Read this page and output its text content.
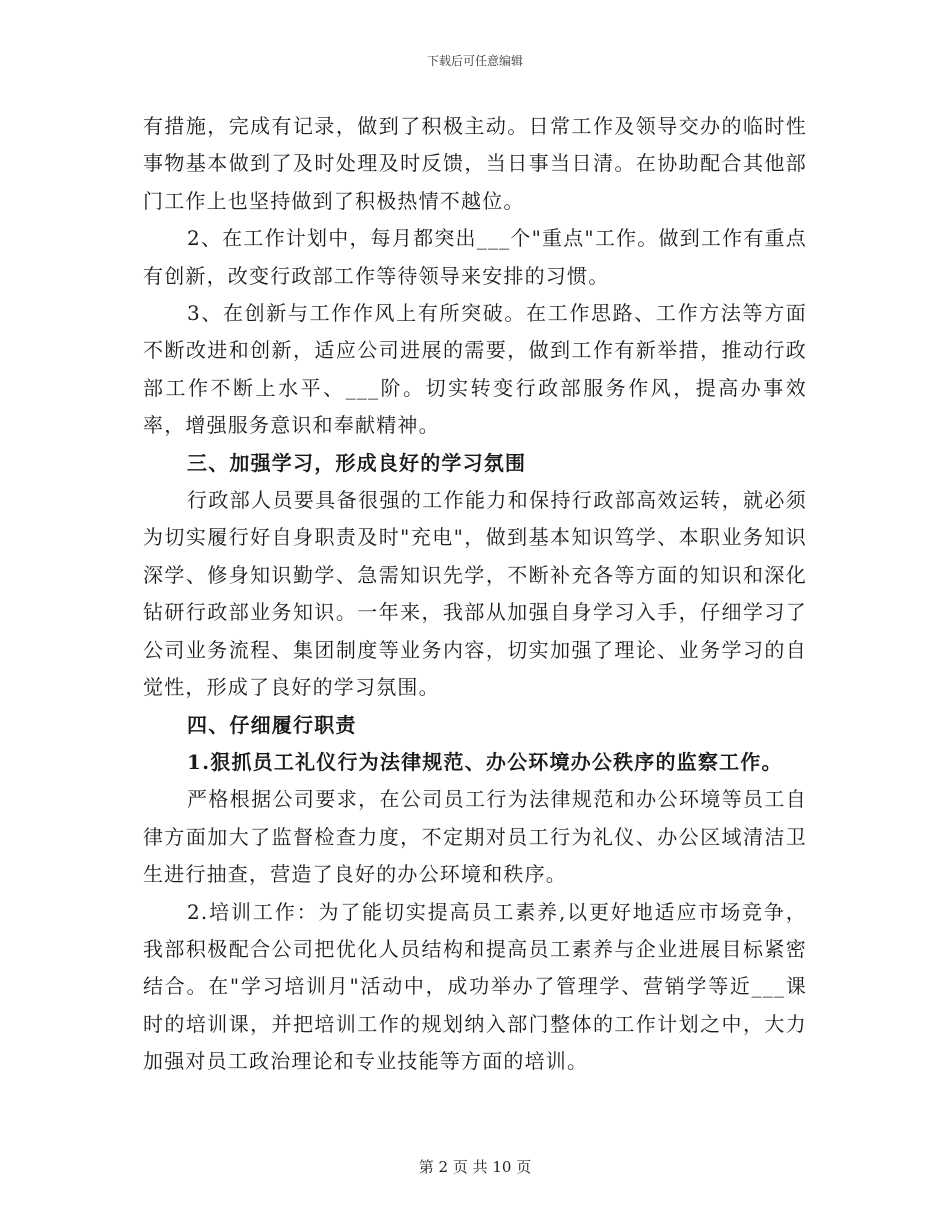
下载后可任意编辑

有措施，完成有记录，做到了积极主动。日常工作及领导交办的临时性事物基本做到了及时处理及时反馈，当日事当日清。在协助配合其他部门工作上也坚持做到了积极热情不越位。

2、在工作计划中，每月都突出___个"重点"工作。做到工作有重点有创新，改变行政部工作等待领导来安排的习惯。

3、在创新与工作作风上有所突破。在工作思路、工作方法等方面不断改进和创新，适应公司进展的需要，做到工作有新举措，推动行政部工作不断上水平、___阶。切实转变行政部服务作风，提高办事效率，增强服务意识和奉献精神。

三、加强学习，形成良好的学习氛围

行政部人员要具备很强的工作能力和保持行政部高效运转，就必须为切实履行好自身职责及时"充电"，做到基本知识笃学、本职业务知识深学、修身知识勤学、急需知识先学，不断补充各等方面的知识和深化钻研行政部业务知识。一年来，我部从加强自身学习入手，仔细学习了公司业务流程、集团制度等业务内容，切实加强了理论、业务学习的自觉性，形成了良好的学习氛围。

四、仔细履行职责

1.狠抓员工礼仪行为法律规范、办公环境办公秩序的监察工作。

严格根据公司要求，在公司员工行为法律规范和办公环境等员工自律方面加大了监督检查力度，不定期对员工行为礼仪、办公区域清洁卫生进行抽查，营造了良好的办公环境和秩序。

2.培训工作：为了能切实提高员工素养,以更好地适应市场竞争，我部积极配合公司把优化人员结构和提高员工素养与企业进展目标紧密结合。在"学习培训月"活动中，成功举办了管理学、营销学等近___课时的培训课，并把培训工作的规划纳入部门整体的工作计划之中，大力加强对员工政治理论和专业技能等方面的培训。

第 2 页 共 10 页
